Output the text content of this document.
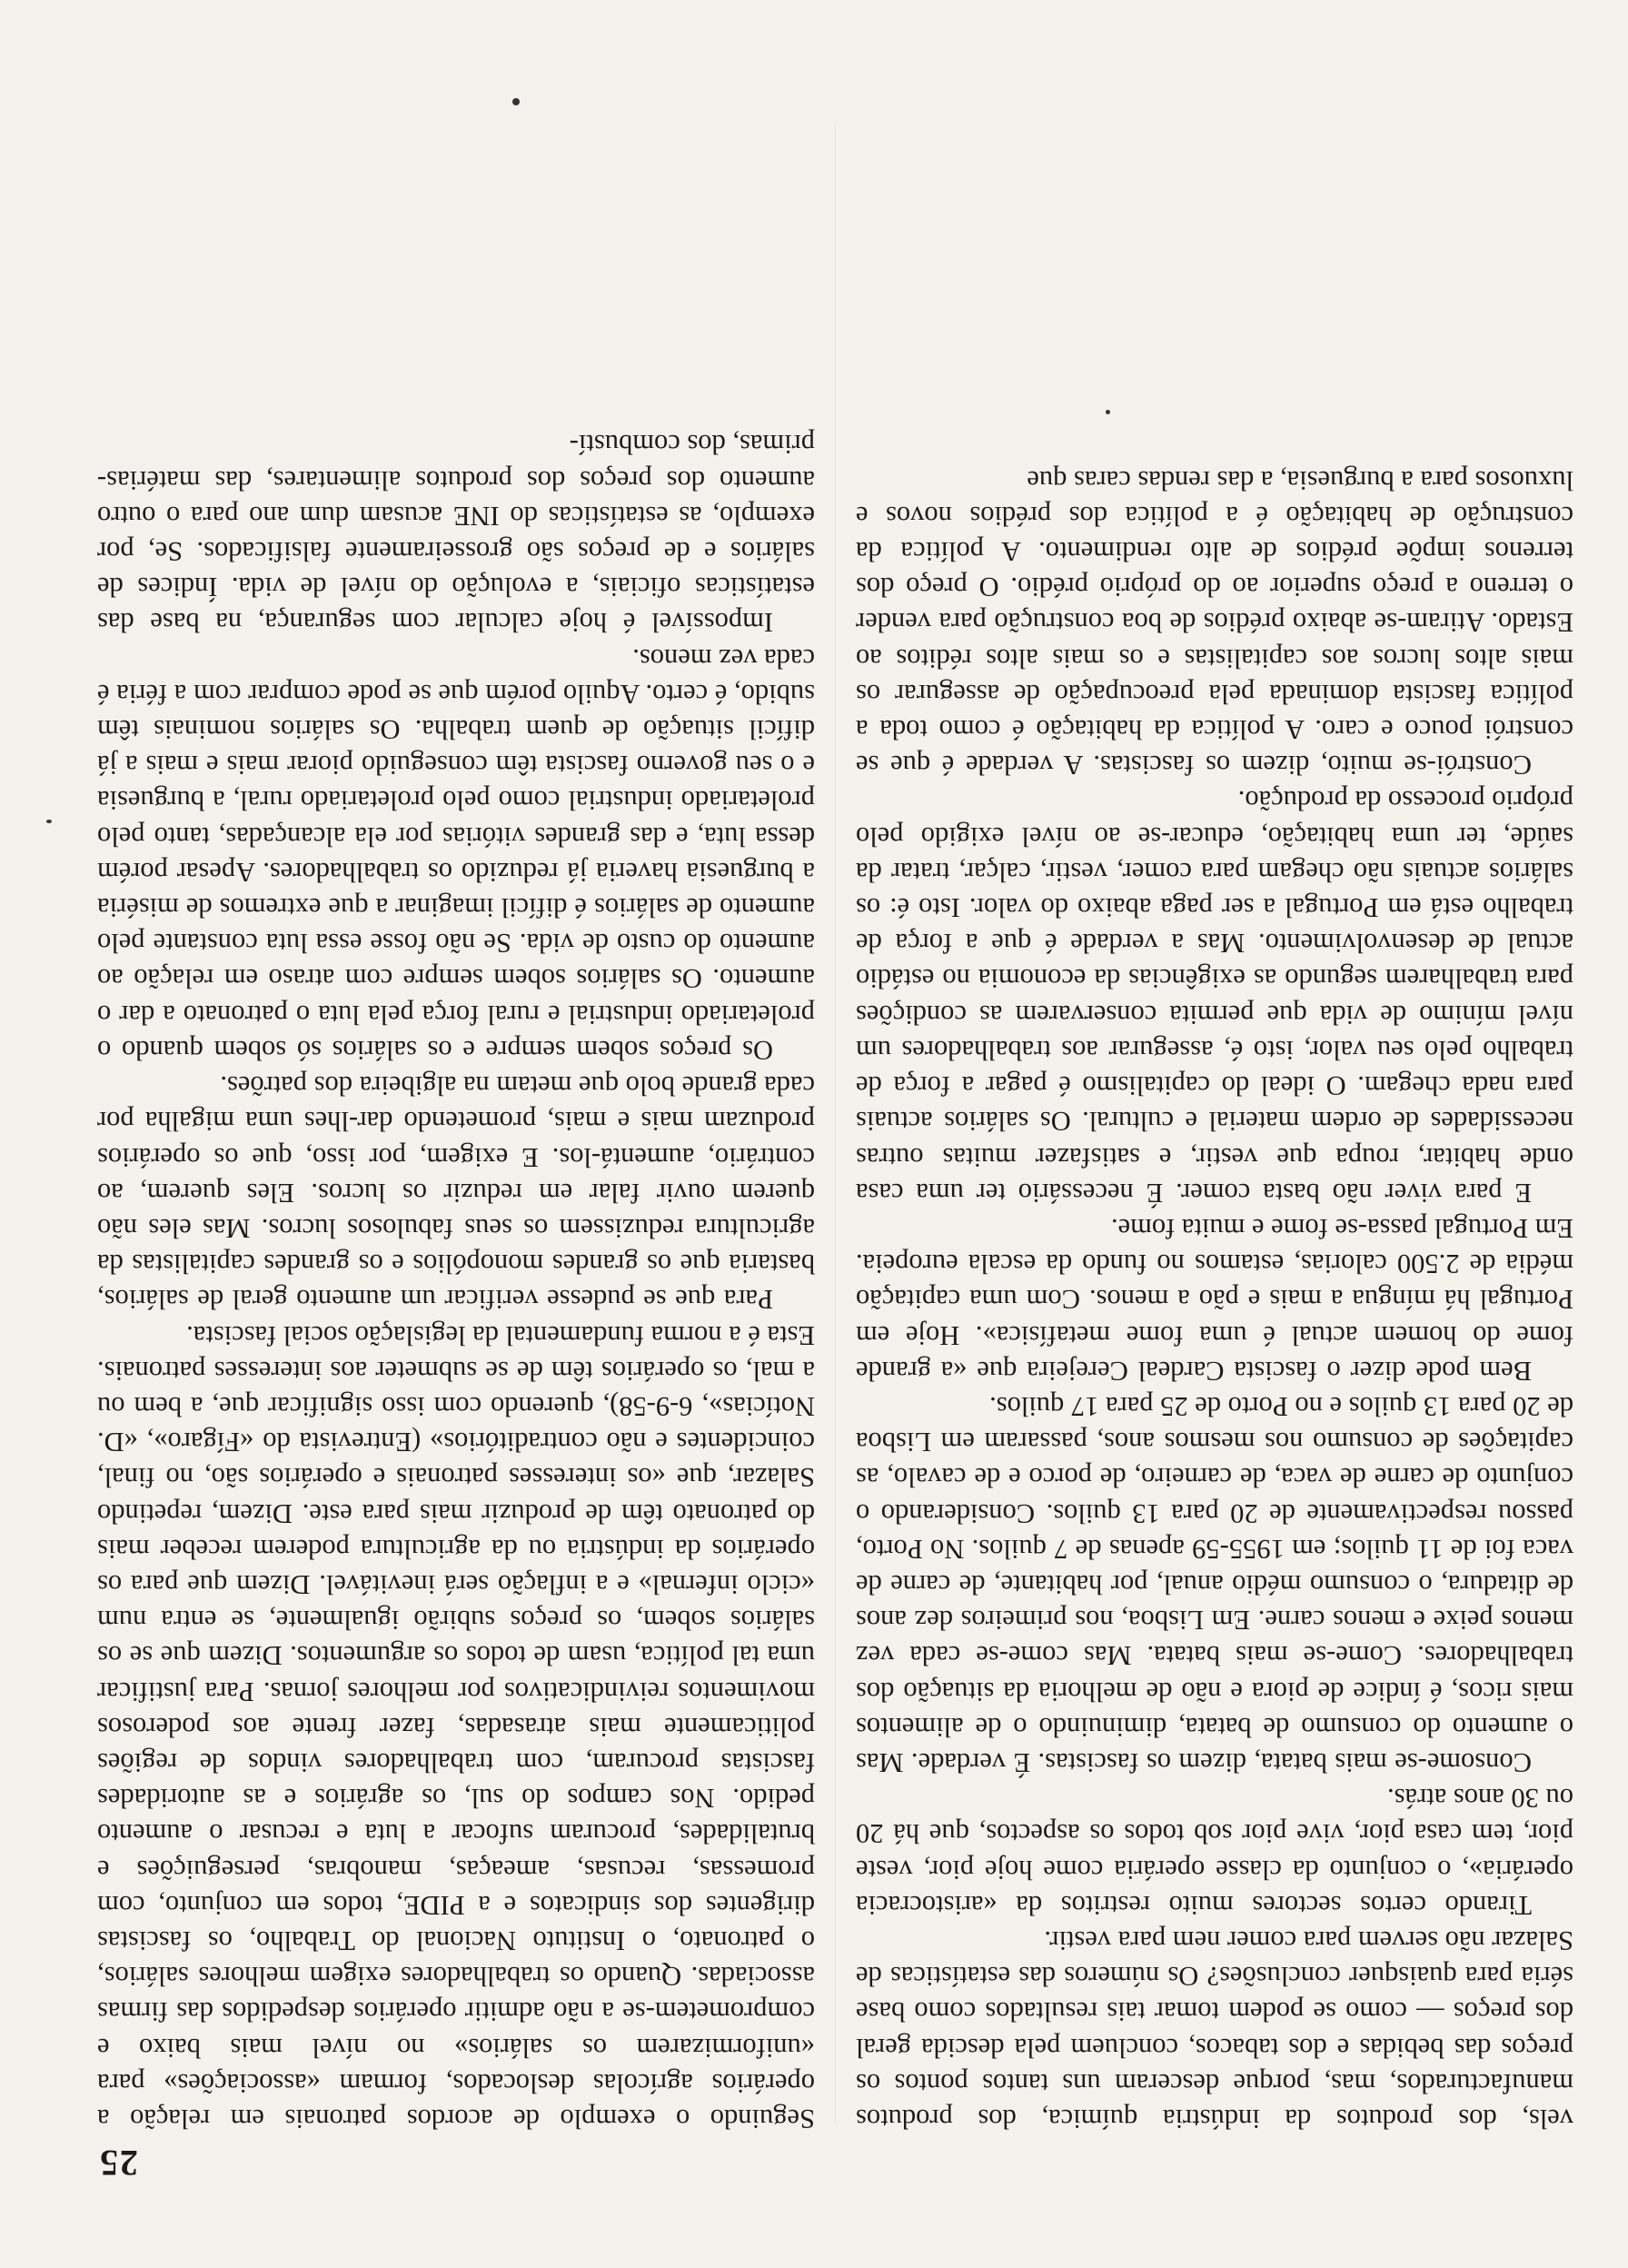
25

vels, dos produtos da indústria química, dos produtos manufacturados, mas, porque desceram uns tantos pontos os preços das bebidas e dos tabacos, concluem pela descida geral dos preços — como se podem tomar tais resultados como base séria para quaisquer conclusões? Os números das estatísticas de Salazar não servem para comer nem para vestir.

Tirando certos sectores muito restritos da «aristocracia operária», o conjunto da classe operária come hoje pior, veste pior, tem casa pior, vive pior sob todos os aspectos, que há 20 ou 30 anos atrás.

Consome-se mais batata, dizem os fascistas. É verdade. Mas o aumento do consumo de batata, diminuindo o de alimentos mais ricos, é índice de piora e não de melhoria da situação dos trabalhadores. Come-se mais batata. Mas come-se cada vez menos peixe e menos carne. Em Lisboa, nos primeiros dez anos de ditadura, o consumo médio anual, por habitante, de carne de vaca foi de 11 quilos; em 1955-59 apenas de 7 quilos. No Porto, passou respectivamente de 20 para 13 quilos. Considerando o conjunto de carne de vaca, de carneiro, de porco e de cavalo, as capitações de consumo nos mesmos anos, passaram em Lisboa de 20 para 13 quilos e no Porto de 25 para 17 quilos.

Bem pode dizer o fascista Cardeal Cerejeira que «a grande fome do homem actual é uma fome metafísica». Hoje em Portugal há míngua a mais e pão a menos. Com uma capitação média de 2.500 calorias, estamos no fundo da escala europeia. Em Portugal passa-se fome e muita fome.

E para viver não basta comer. É necessário ter uma casa onde habitar, roupa que vestir, e satisfazer muitas outras necessidades de ordem material e cultural. Os salários actuais para nada chegam. O ideal do capitalismo é pagar a força de trabalho pelo seu valor, isto é, assegurar aos trabalhadores um nível mínimo de vida que permita conservarem as condições para trabalharem segundo as exigências da economia no estádio actual de desenvolvimento. Mas a verdade é que a força de trabalho está em Portugal a ser paga abaixo do valor. Isto é: os salários actuais não chegam para comer, vestir, calçar, tratar da saúde, ter uma habitação, educar-se ao nível exigido pelo próprio processo da produção.

Constrói-se muito, dizem os fascistas. A verdade é que se constrói pouco e caro. A política da habitação é como toda a política fascista dominada pela preocupação de assegurar os mais altos lucros aos capitalistas e os mais altos réditos ao Estado. Atiram-se abaixo prédios de boa construção para vender o terreno a preço superior ao do próprio prédio. O preço dos terrenos impõe prédios de alto rendimento. A política da construção de habitação é a política dos prédios novos e luxuosos para a burguesia, a das rendas caras que

Seguindo o exemplo de acordos patronais em relação a operários agrícolas deslocados, formam «associações» para «uniformizarem os salários» no nível mais baixo e comprometem-se a não admitir operários despedidos das firmas associadas. Quando os trabalhadores exigem melhores salários, o patronato, o Instituto Nacional do Trabalho, os fascistas dirigentes dos sindicatos e a PIDE, todos em conjunto, com promessas, recusas, ameaças, manobras, perseguições e brutalidades, procuram sufocar a luta e recusar o aumento pedido. Nos campos do sul, os agrários e as autoridades fascistas procuram, com trabalhadores vindos de regiões politicamente mais atrasadas, fazer frente aos poderosos movimentos reivindicativos por melhores jornas. Para justificar uma tal política, usam de todos os argumentos. Dizem que se os salários sobem, os preços subirão igualmente, se entra num «ciclo infernal» e a inflação será inevitável. Dizem que para os operários da indústria ou da agricultura poderem receber mais do patronato têm de produzir mais para este. Dizem, repetindo Salazar, que «os interesses patronais e operários são, no final, coincidentes e não contraditórios» (Entrevista do «Fígaro», «D. Notícias», 6-9-58), querendo com isso significar que, a bem ou a mal, os operários têm de se submeter aos interesses patronais. Esta é a norma fundamental da legislação social fascista.

Para que se pudesse verificar um aumento geral de salários, bastaria que os grandes monopólios e os grandes capitalistas da agricultura reduzissem os seus fabulosos lucros. Mas eles não querem ouvir falar em reduzir os lucros. Eles querem, ao contrário, aumentá-los. E exigem, por isso, que os operários produzam mais e mais, prometendo dar-lhes uma migalha por cada grande bolo que metam na algibeira dos patrões.

Os preços sobem sempre e os salários só sobem quando o proletariado industrial e rural força pela luta o patronato a dar o aumento. Os salários sobem sempre com atraso em relação ao aumento do custo de vida. Se não fosse essa luta constante pelo aumento de salários é difícil imaginar a que extremos de miséria a burguesia haveria já reduzido os trabalhadores. Apesar porém dessa luta, e das grandes vitórias por ela alcançadas, tanto pelo proletariado industrial como pelo proletariado rural, a burguesia e o seu governo fascista têm conseguido piorar mais e mais a já difícil situação de quem trabalha. Os salários nominais têm subido, é certo. Aquilo porém que se pode comprar com a féria é cada vez menos.

Impossível é hoje calcular com segurança, na base das estatísticas oficiais, a evolução do nível de vida. Índices de salários e de preços são grosseiramente falsificados. Se, por exemplo, as estatísticas do INE acusam dum ano para o outro aumento dos preços dos produtos alimentares, das matérias-primas, dos combustí-
